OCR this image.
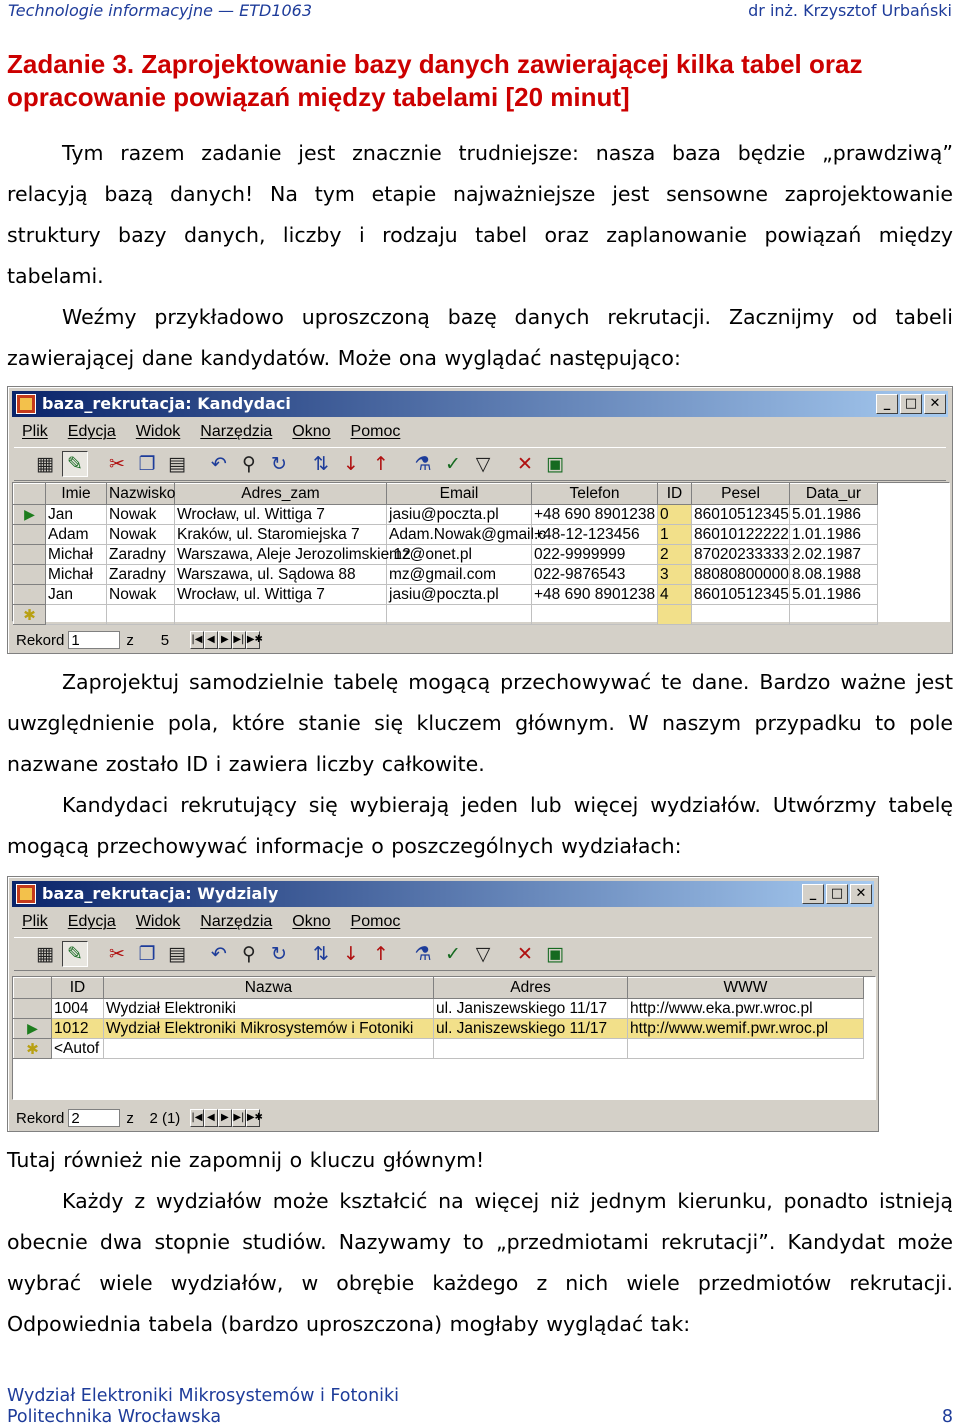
Technologie informacyjne — ETD1063	dr inż. Krzysztof Urbański
Zadanie 3. Zaprojektowanie bazy danych zawierającej kilka tabel oraz opracowanie powiązań między tabelami [20 minut]

Tym razem zadanie jest znacznie trudniejsze: nasza baza będzie „prawdziwą” relacyją bazą danych! Na tym etapie najważniejsze jest sensowne zaprojektowanie struktury bazy danych, liczby i rodzaju tabel oraz zaplanowanie powiązań między tabelami.

Weźmy przykładowo uproszczoną bazę danych rekrutacji. Zacznijmy od tabeli zawierającej dane kandydatów. Może ona wyglądać następująco:

baza_rekrutacja: Kandydaci	_	□ ✕
Plik Edycja Widok Narzędzia Okno Pomoc
▦ ✎ ✂ ❐ ▤ ↶ ⚲ ↻ ⇅ ↓ ↑ ⚗ ✓ ▽ ✕ ▣
	Imie	Nazwisko	Adres_zam	Email	Telefon	ID	Pesel	Data_ur
▶	Jan	Nowak	Wrocław, ul. Wittiga 7	jasiu@poczta.pl	+48 690 8901238	0	86010512345	5.01.1986
	Adam	Nowak	Kraków, ul. Staromiejska 7	Adam.Nowak@gmail.c	+48-12-123456	1	86010122222	1.01.1986
	Michał	Zaradny	Warszawa, Aleje Jerozolimskie 12	mz@onet.pl	022-9999999	2	87020233333	2.02.1987
	Michał	Zaradny	Warszawa, ul. Sądowa 88	mz@gmail.com	022-9876543	3	88080800000	8.08.1988
	Jan	Nowak	Wrocław, ul. Wittiga 7	jasiu@poczta.pl	+48 690 8901238	4	86010512345	5.01.1986
✱								
Rekord 1	z	5	|◀ ◀ ▶ ▶| ▶✱

Zaprojektuj samodzielnie tabelę mogącą przechowywać te dane. Bardzo ważne jest uwzględnienie pola, które stanie się kluczem głównym. W naszym przypadku to pole nazwane zostało ID i zawiera liczby całkowite.

Kandydaci rekrutujący się wybierają jeden lub więcej wydziałów. Utwórzmy tabelę mogącą przechowywać informacje o poszczególnych wydziałach:

baza_rekrutacja: Wydzialy	_	□ ✕
Plik Edycja Widok Narzędzia Okno Pomoc
▦ ✎ ✂ ❐ ▤ ↶ ⚲ ↻ ⇅ ↓ ↑ ⚗ ✓ ▽ ✕ ▣
	ID	Nazwa	Adres	WWW
	1004	Wydział Elektroniki	ul. Janiszewskiego 11/17	http://www.eka.pwr.wroc.pl
▶	1012	Wydział Elektroniki Mikrosystemów i Fotoniki	ul. Janiszewskiego 11/17	http://www.wemif.pwr.wroc.pl
✱	<Autof			
Rekord 2	z	2 (1)	|◀ ◀ ▶ ▶| ▶✱

Tutaj również nie zapomnij o kluczu głównym!

Każdy z wydziałów może kształcić na więcej niż jednym kierunku, ponadto istnieją obecnie dwa stopnie studiów. Nazywamy to „przedmiotami rekrutacji”. Kandydat może wybrać wiele wydziałów, w obrębie każdego z nich wiele przedmiotów rekrutacji. Odpowiednia tabela (bardzo uproszczona) mogłaby wyglądać tak:

Wydział Elektroniki Mikrosystemów i Fotoniki
Politechnika Wrocławska	8
